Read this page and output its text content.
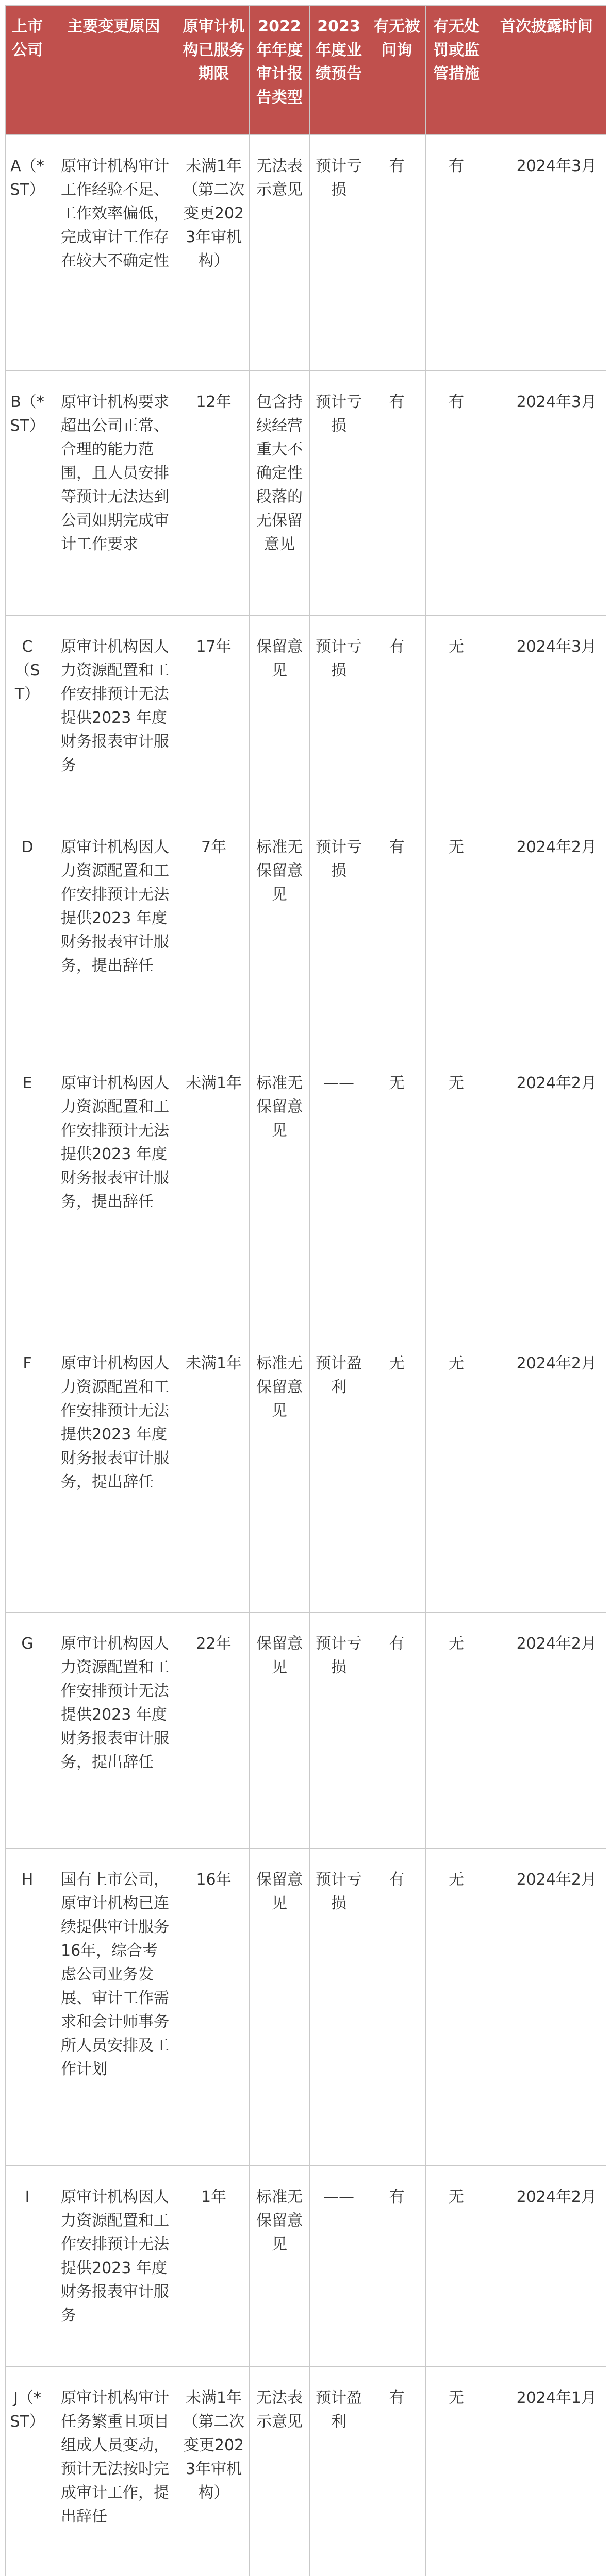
上市公司	主要变更原因	原审计机构已服务期限	2022年年度审计报告类型	2023年度业绩预告	有无被问询	有无处罚或监管措施	首次披露时间
A（*ST）	原审计机构审计工作经验不足、工作效率偏低，完成审计工作存在较大不确定性	未满1年（第二次变更2023年审机构）	无法表示意见	预计亏损	有	有	2024年3月
B（*ST）	原审计机构要求超出公司正常、合理的能力范围，且人员安排等预计无法达到公司如期完成审计工作要求	12年	包含持续经营重大不确定性段落的无保留意见	预计亏损	有	有	2024年3月
C（ST）	原审计机构因人力资源配置和工作安排预计无法提供2023 年度财务报表审计服务	17年	保留意见	预计亏损	有	无	2024年3月
D	原审计机构因人力资源配置和工作安排预计无法提供2023 年度财务报表审计服务，提出辞任	7年	标准无保留意见	预计亏损	有	无	2024年2月
E	原审计机构因人力资源配置和工作安排预计无法提供2023 年度财务报表审计服务，提出辞任	未满1年	标准无保留意见	——	无	无	2024年2月
F	原审计机构因人力资源配置和工作安排预计无法提供2023 年度财务报表审计服务，提出辞任	未满1年	标准无保留意见	预计盈利	无	无	2024年2月
G	原审计机构因人力资源配置和工作安排预计无法提供2023 年度财务报表审计服务，提出辞任	22年	保留意见	预计亏损	有	无	2024年2月
H	国有上市公司，原审计机构已连续提供审计服务16年，综合考虑公司业务发展、审计工作需求和会计师事务所人员安排及工作计划	16年	保留意见	预计亏损	有	无	2024年2月
I	原审计机构因人力资源配置和工作安排预计无法提供2023 年度财务报表审计服务	1年	标准无保留意见	——	有	无	2024年2月
J（*ST）	原审计机构审计任务繁重且项目组成人员变动，预计无法按时完成审计工作，提出辞任	未满1年（第二次变更2023年审机构）	无法表示意见	预计盈利	有	无	2024年1月
